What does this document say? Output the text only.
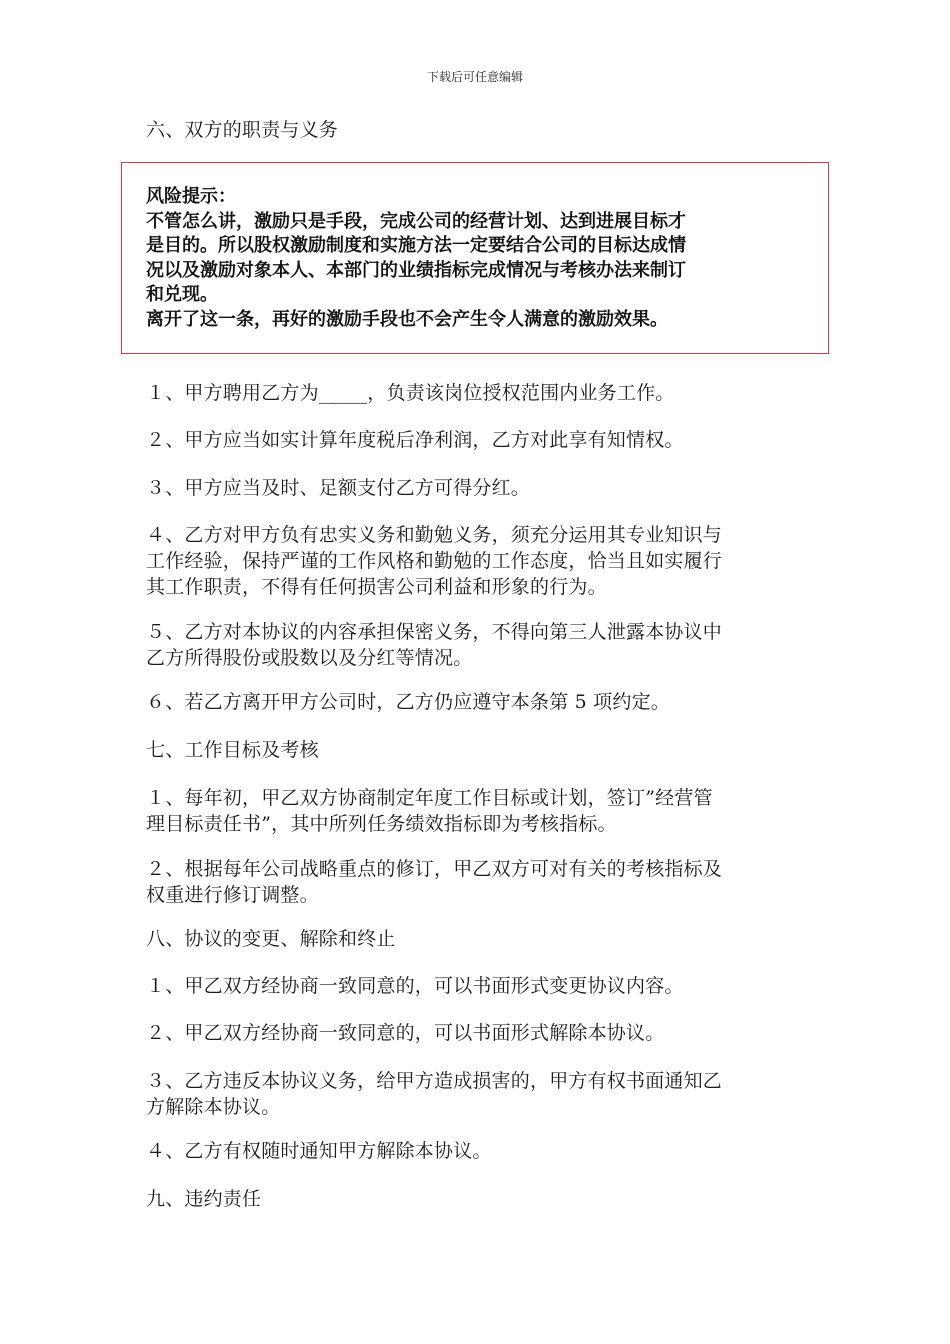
下载后可任意编辑
风险提示：
不管怎么讲，激励只是手段，完成公司的经营计划、达到进展目标才
是目的。所以股权激励制度和实施方法一定要结合公司的目标达成情
况以及激励对象本人、本部门的业绩指标完成情况与考核办法来制订
和兑现。
离开了这一条，再好的激励手段也不会产生令人满意的激励效果。
六、双方的职责与义务
１、甲方聘用乙方为_____，负责该岗位授权范围内业务工作。
２、甲方应当如实计算年度税后净利润，乙方对此享有知情权。
３、甲方应当及时、足额支付乙方可得分红。
４、乙方对甲方负有忠实义务和勤勉义务，须充分运用其专业知识与
工作经验，保持严谨的工作风格和勤勉的工作态度，恰当且如实履行
其工作职责，不得有任何损害公司利益和形象的行为。
５、乙方对本协议的内容承担保密义务，不得向第三人泄露本协议中
乙方所得股份或股数以及分红等情况。
６、若乙方离开甲方公司时，乙方仍应遵守本条第 5 项约定。
七、工作目标及考核
１、每年初，甲乙双方协商制定年度工作目标或计划，签订”经营管
理目标责任书”，其中所列任务绩效指标即为考核指标。
２、根据每年公司战略重点的修订，甲乙双方可对有关的考核指标及
权重进行修订调整。
八、协议的变更、解除和终止
１、甲乙双方经协商一致同意的，可以书面形式变更协议内容。
２、甲乙双方经协商一致同意的，可以书面形式解除本协议。
３、乙方违反本协议义务，给甲方造成损害的，甲方有权书面通知乙
方解除本协议。
４、乙方有权随时通知甲方解除本协议。
九、违约责任
